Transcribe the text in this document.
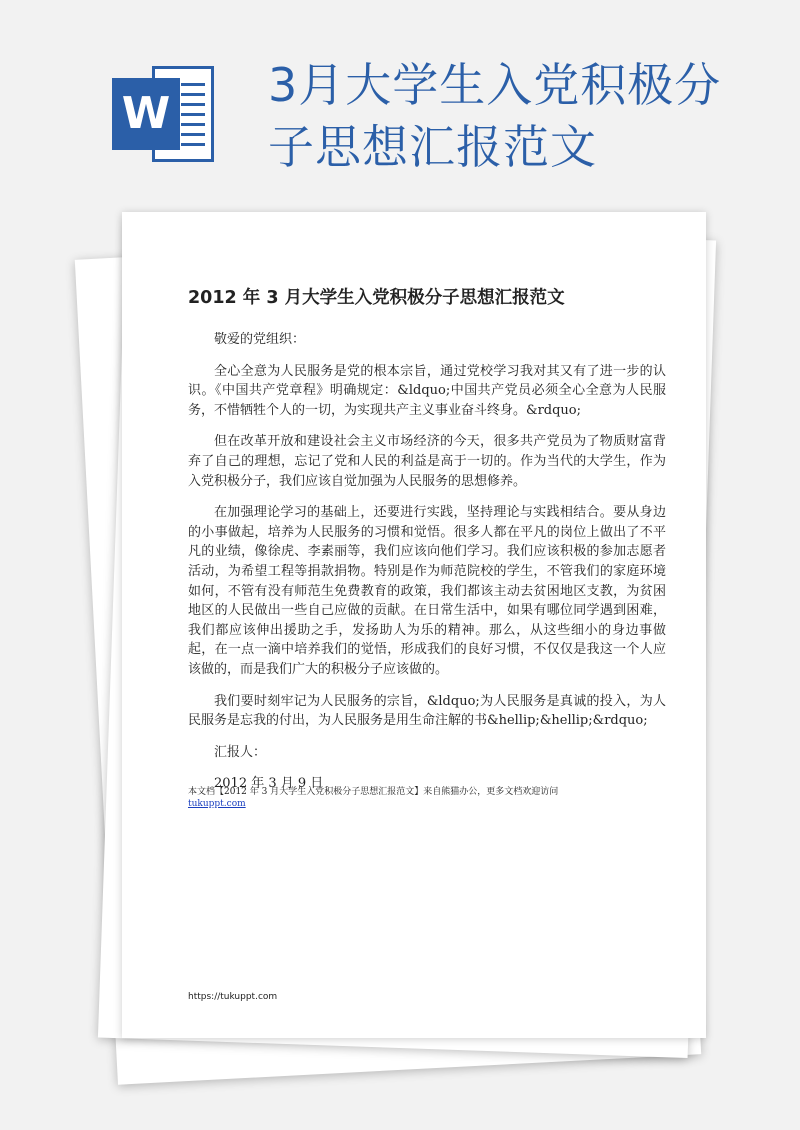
W
3月大学生入党积极分
子思想汇报范文
2012 年 3 月大学生入党积极分子思想汇报范文

敬爱的党组织：

全心全意为人民服务是党的根本宗旨，通过党校学习我对其又有了进一步的认识。《中国共产党章程》明确规定：&ldquo;中国共产党员必须全心全意为人民服务，不惜牺牲个人的一切，为实现共产主义事业奋斗终身。&rdquo;

但在改革开放和建设社会主义市场经济的今天，很多共产党员为了物质财富背弃了自己的理想，忘记了党和人民的利益是高于一切的。作为当代的大学生，作为入党积极分子，我们应该自觉加强为人民服务的思想修养。

在加强理论学习的基础上，还要进行实践，坚持理论与实践相结合。要从身边的小事做起，培养为人民服务的习惯和觉悟。很多人都在平凡的岗位上做出了不平凡的业绩，像徐虎、李素丽等，我们应该向他们学习。我们应该积极的参加志愿者活动，为希望工程等捐款捐物。特别是作为师范院校的学生，不管我们的家庭环境如何，不管有没有师范生免费教育的政策，我们都该主动去贫困地区支教，为贫困地区的人民做出一些自己应做的贡献。在日常生活中，如果有哪位同学遇到困难，我们都应该伸出援助之手，发扬助人为乐的精神。那么，从这些细小的身边事做起，在一点一滴中培养我们的觉悟，形成我们的良好习惯，不仅仅是我这一个人应该做的，而是我们广大的积极分子应该做的。

我们要时刻牢记为人民服务的宗旨，&ldquo;为人民服务是真诚的投入，为人民服务是忘我的付出，为人民服务是用生命注解的书&hellip;&hellip;&rdquo;

汇报人：

2012 年 3 月 9 日

本文档【2012 年 3 月大学生入党积极分子思想汇报范文】来自熊猫办公，更多文档欢迎访问
tukuppt.com
https://tukuppt.com
